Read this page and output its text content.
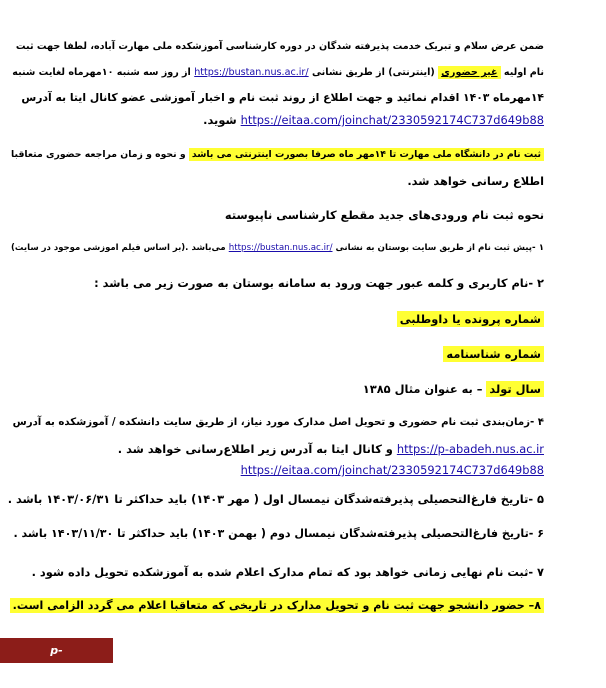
ضمن عرض سلام و تبریک خدمت پذیرفته شدگان در دوره کارشناسی آموزشکده ملی مهارت آباده، لطفا جهت ثبت
نام اولیه غیر حضوری (اینترنتی) از طریق نشانی https://bustan.nus.ac.ir/ از روز سه شنبه ۱۰مهرماه لغایت شنبه
۱۴مهرماه ۱۴۰۳ اقدام نمائید و جهت اطلاع از روند ثبت نام و اخبار آموزشی عضو کانال ایتا به آدرس
https://eitaa.com/joinchat/2330592174C737d649b88 شوید.
ثبت نام در دانشگاه ملی مهارت تا ۱۴مهر ماه صرفا بصورت اینترنتی می باشد و نحوه و زمان مراجعه حضوری متعاقبا
اطلاع رسانی خواهد شد.
نحوه ثبت نام ورودی‌های جدید مقطع کارشناسی ناپیوسته
۱ -پیش ثبت نام از طریق سایت بوستان به نشانی https://bustan.nus.ac.ir/ می‌باشد .(بر اساس فیلم اموزشی موجود در سایت)
۲ -نام کاربری و کلمه عبور جهت ورود به سامانه بوستان به صورت زیر می باشد :
شماره پرونده یا داوطلبی
شماره شناسنامه
سال تولد – به عنوان مثال ۱۳۸۵
۴ -زمان‌بندی ثبت نام حضوری و تحویل اصل مدارک مورد نیاز، از طریق سایت دانشکده / آموزشکده به آدرس
https://p-abadeh.nus.ac.ir و کانال ایتا به آدرس زیر اطلاع‌رسانی خواهد شد .
https://eitaa.com/joinchat/2330592174C737d649b88
۵ -تاریخ فارغ‌التحصیلی پذیرفته‌شدگان نیمسال اول ( مهر ۱۴۰۳) باید حداکثر تا ۱۴۰۳/۰۶/۳۱ باشد .
۶ -تاریخ فارغ‌التحصیلی پذیرفته‌شدگان نیمسال دوم ( بهمن ۱۴۰۳) باید حداکثر تا ۱۴۰۳/۱۱/۳۰ باشد .
۷ -ثبت نام نهایی زمانی خواهد بود که تمام مدارک اعلام شده به آموزشکده تحویل داده شود .
۸– حضور دانشجو جهت ثبت نام و تحویل مدارک در تاریخی که متعاقبا اعلام می گردد الزامی است.
p-abadeh.nus.ac.ir
